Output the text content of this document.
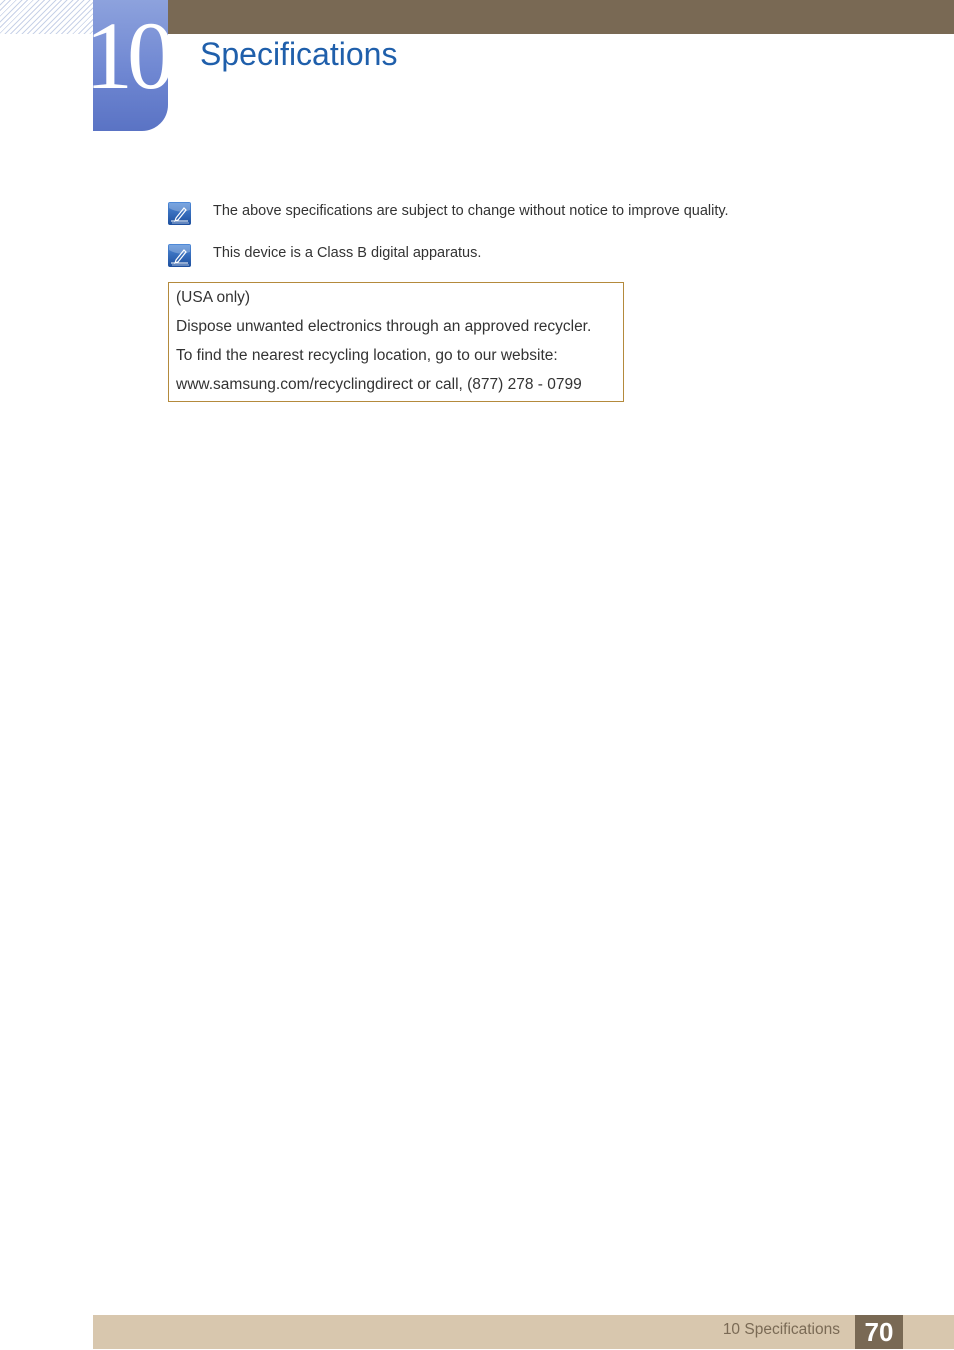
10 Specifications
The above specifications are subject to change without notice to improve quality.
This device is a Class B digital apparatus.
(USA only)
Dispose unwanted electronics through an approved recycler.
To find the nearest recycling location, go to our website:
www.samsung.com/recyclingdirect or call, (877) 278 - 0799
10 Specifications 70
